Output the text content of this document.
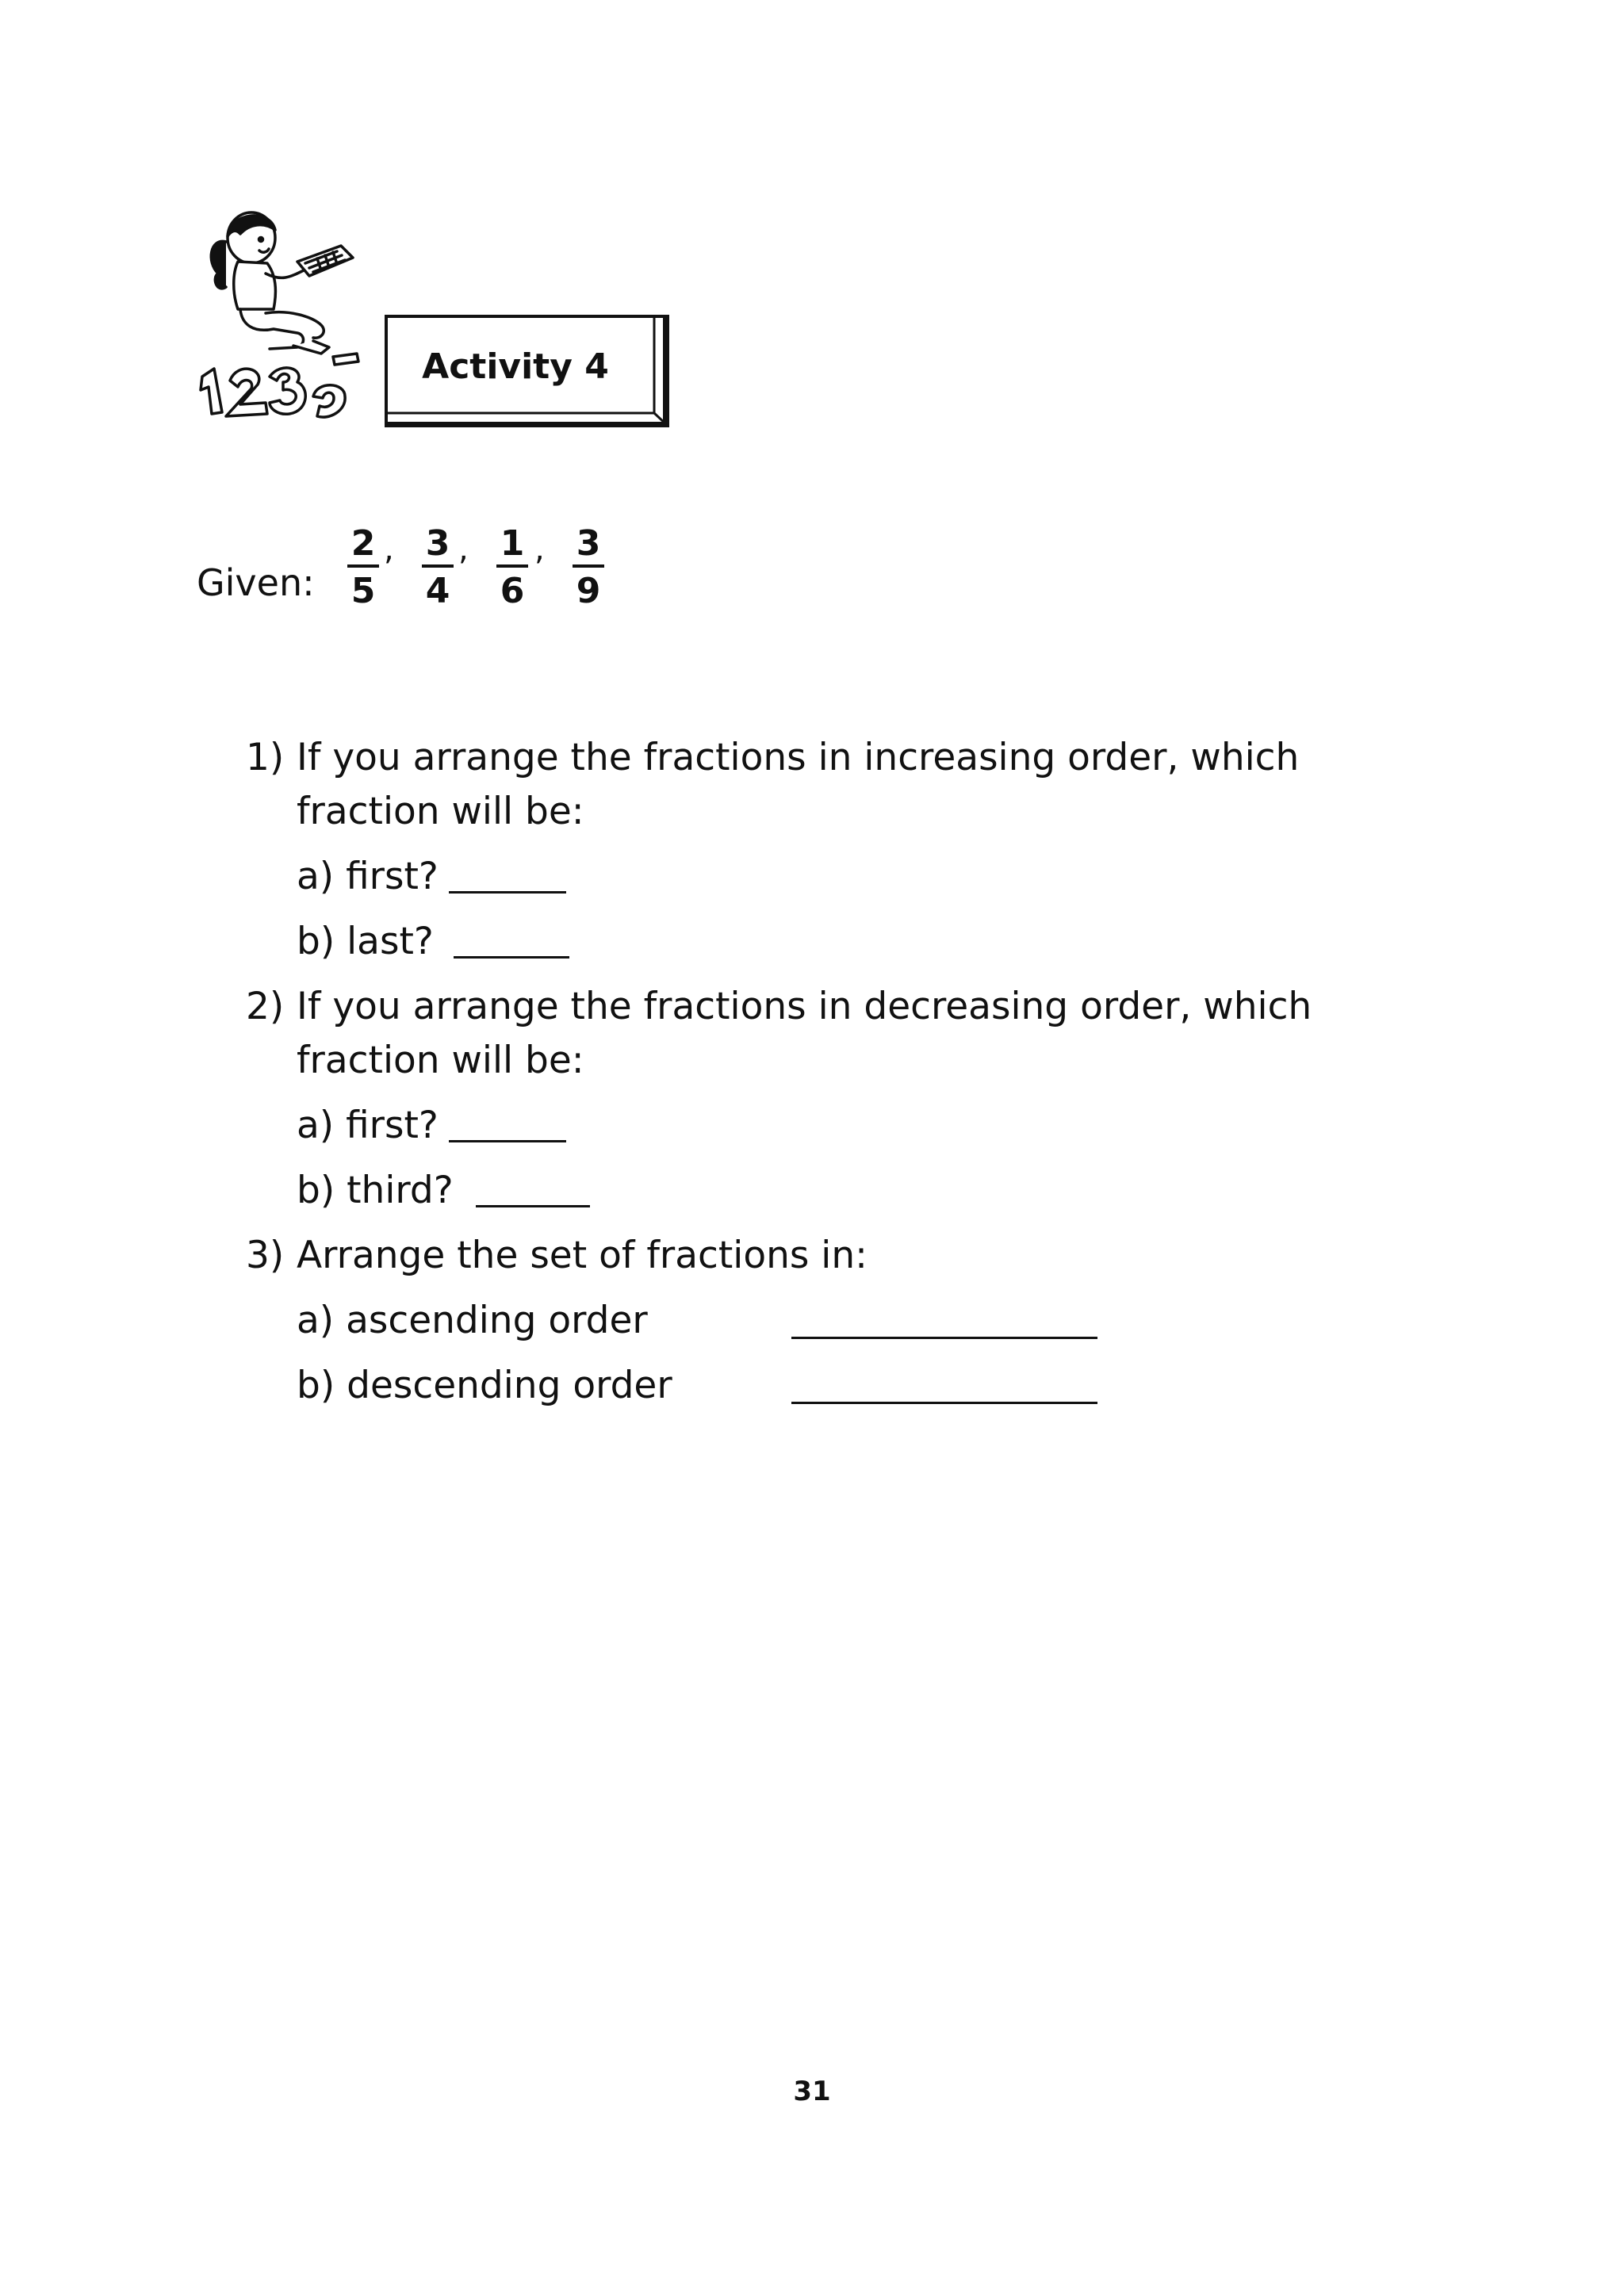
Activity 4
Given: $\frac{2}{5}$ , $\frac{3}{4}$ , $\frac{1}{6}$ , $\frac{3}{9}$
1) If you arrange the fractions in increasing order, which
fraction will be:
a) first?
b) last?
2) If you arrange the fractions in decreasing order, which
fraction will be:
a) first?
b) third?
3) Arrange the set of fractions in:
a) ascending order
b) descending order
31
